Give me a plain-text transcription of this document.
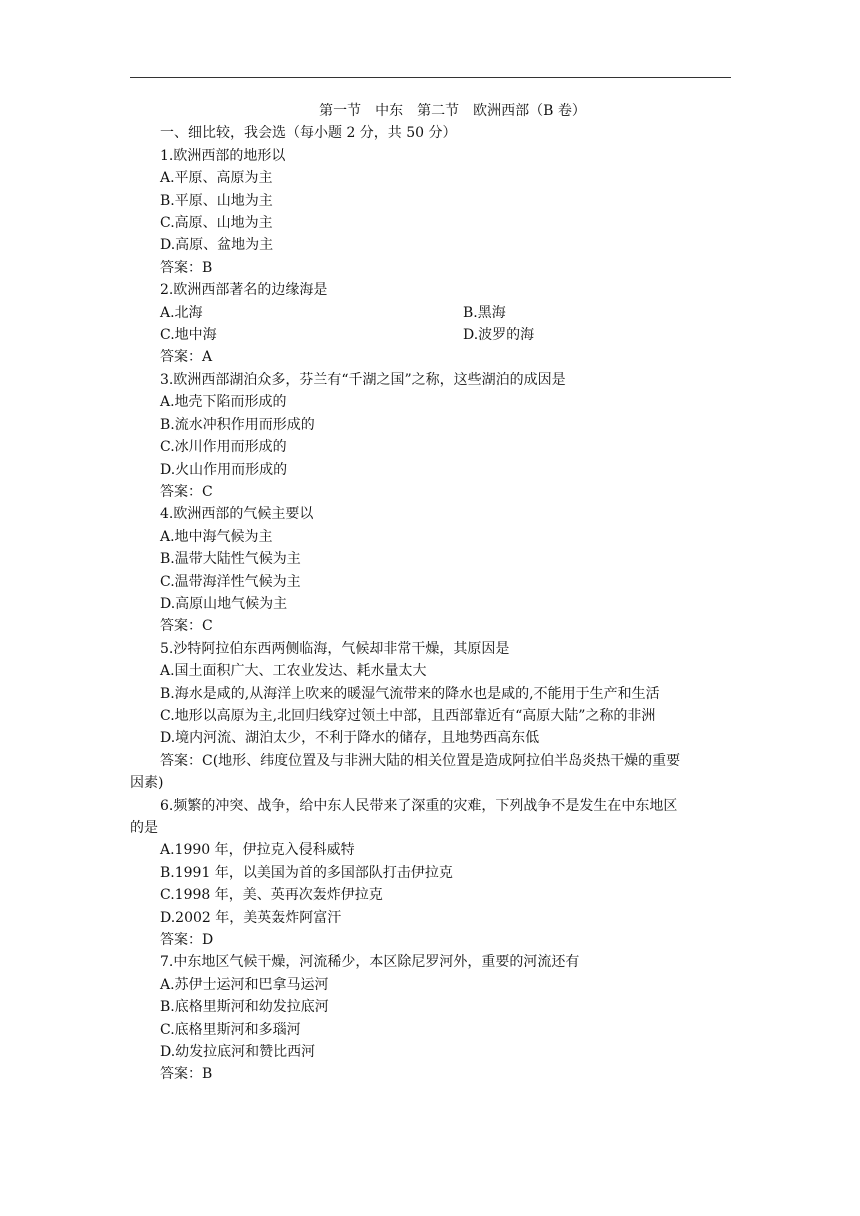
第一节　中东　第二节　欧洲西部（B 卷）
一、细比较，我会选（每小题 2 分，共 50 分）
1.欧洲西部的地形以
A.平原、高原为主
B.平原、山地为主
C.高原、山地为主
D.高原、盆地为主
答案：B
2.欧洲西部著名的边缘海是
A.北海	B.黑海
C.地中海	D.波罗的海
答案：A
3.欧洲西部湖泊众多，芬兰有“千湖之国”之称，这些湖泊的成因是
A.地壳下陷而形成的
B.流水冲积作用而形成的
C.冰川作用而形成的
D.火山作用而形成的
答案：C
4.欧洲西部的气候主要以
A.地中海气候为主
B.温带大陆性气候为主
C.温带海洋性气候为主
D.高原山地气候为主
答案：C
5.沙特阿拉伯东西两侧临海，气候却非常干燥，其原因是
A.国土面积广大、工农业发达、耗水量太大
B.海水是咸的,从海洋上吹来的暖湿气流带来的降水也是咸的,不能用于生产和生活
C.地形以高原为主,北回归线穿过领土中部，且西部靠近有“高原大陆”之称的非洲
D.境内河流、湖泊太少，不利于降水的储存，且地势西高东低
答案：C(地形、纬度位置及与非洲大陆的相关位置是造成阿拉伯半岛炎热干燥的重要
因素)
6.频繁的冲突、战争，给中东人民带来了深重的灾难，下列战争不是发生在中东地区
的是
A.1990 年，伊拉克入侵科威特
B.1991 年，以美国为首的多国部队打击伊拉克
C.1998 年，美、英再次轰炸伊拉克
D.2002 年，美英轰炸阿富汗
答案：D
7.中东地区气候干燥，河流稀少，本区除尼罗河外，重要的河流还有
A.苏伊士运河和巴拿马运河
B.底格里斯河和幼发拉底河
C.底格里斯河和多瑙河
D.幼发拉底河和赞比西河
答案：B
